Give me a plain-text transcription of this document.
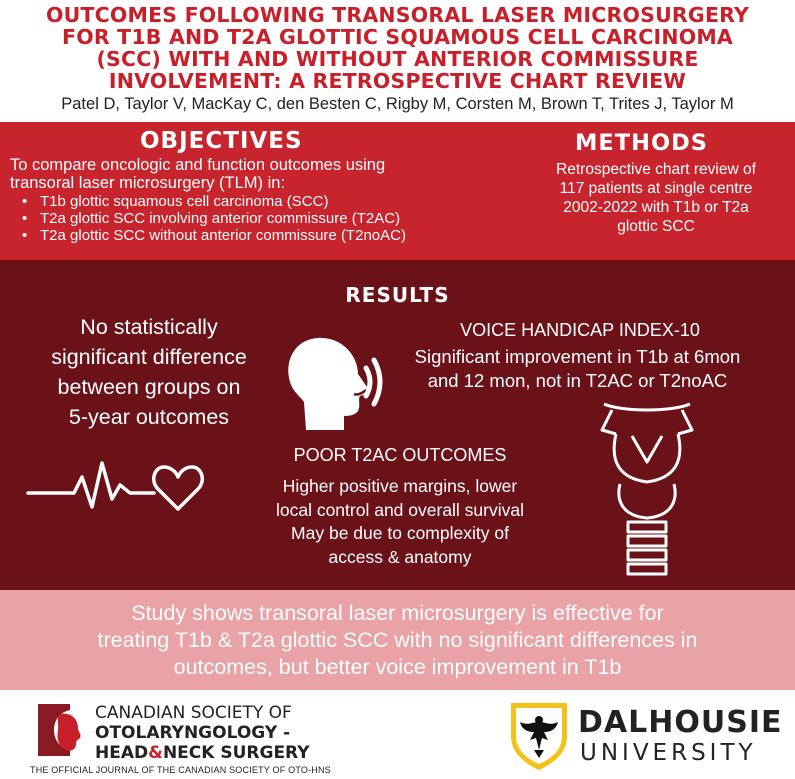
OUTCOMES FOLLOWING TRANSORAL LASER MICROSURGERY
FOR T1B AND T2A GLOTTIC SQUAMOUS CELL CARCINOMA
(SCC) WITH AND WITHOUT ANTERIOR COMMISSURE
INVOLVEMENT: A RETROSPECTIVE CHART REVIEW
Patel D, Taylor V, MacKay C, den Besten C, Rigby M, Corsten M, Brown T, Trites J, Taylor M
OBJECTIVES
To compare oncologic and function outcomes using
transoral laser microsurgery (TLM) in:
• T1b glottic squamous cell carcinoma (SCC)
• T2a glottic SCC involving anterior commissure (T2AC)
• T2a glottic SCC without anterior commissure (T2noAC)
METHODS
Retrospective chart review of
117 patients at single centre
2002-2022 with T1b or T2a
glottic SCC
RESULTS
No statistically
significant difference
between groups on
5-year outcomes
VOICE HANDICAP INDEX-10
Significant improvement in T1b at 6mon
and 12 mon, not in T2AC or T2noAC
POOR T2AC OUTCOMES
Higher positive margins, lower
local control and overall survival
May be due to complexity of
access & anatomy
Study shows transoral laser microsurgery is effective for
treating T1b & T2a glottic SCC with no significant differences in
outcomes, but better voice improvement in T1b
CANADIAN SOCIETY OF
OTOLARYNGOLOGY -
HEAD&NECK SURGERY
THE OFFICIAL JOURNAL OF THE CANADIAN SOCIETY OF OTO-HNS
DALHOUSIE
UNIVERSITY
